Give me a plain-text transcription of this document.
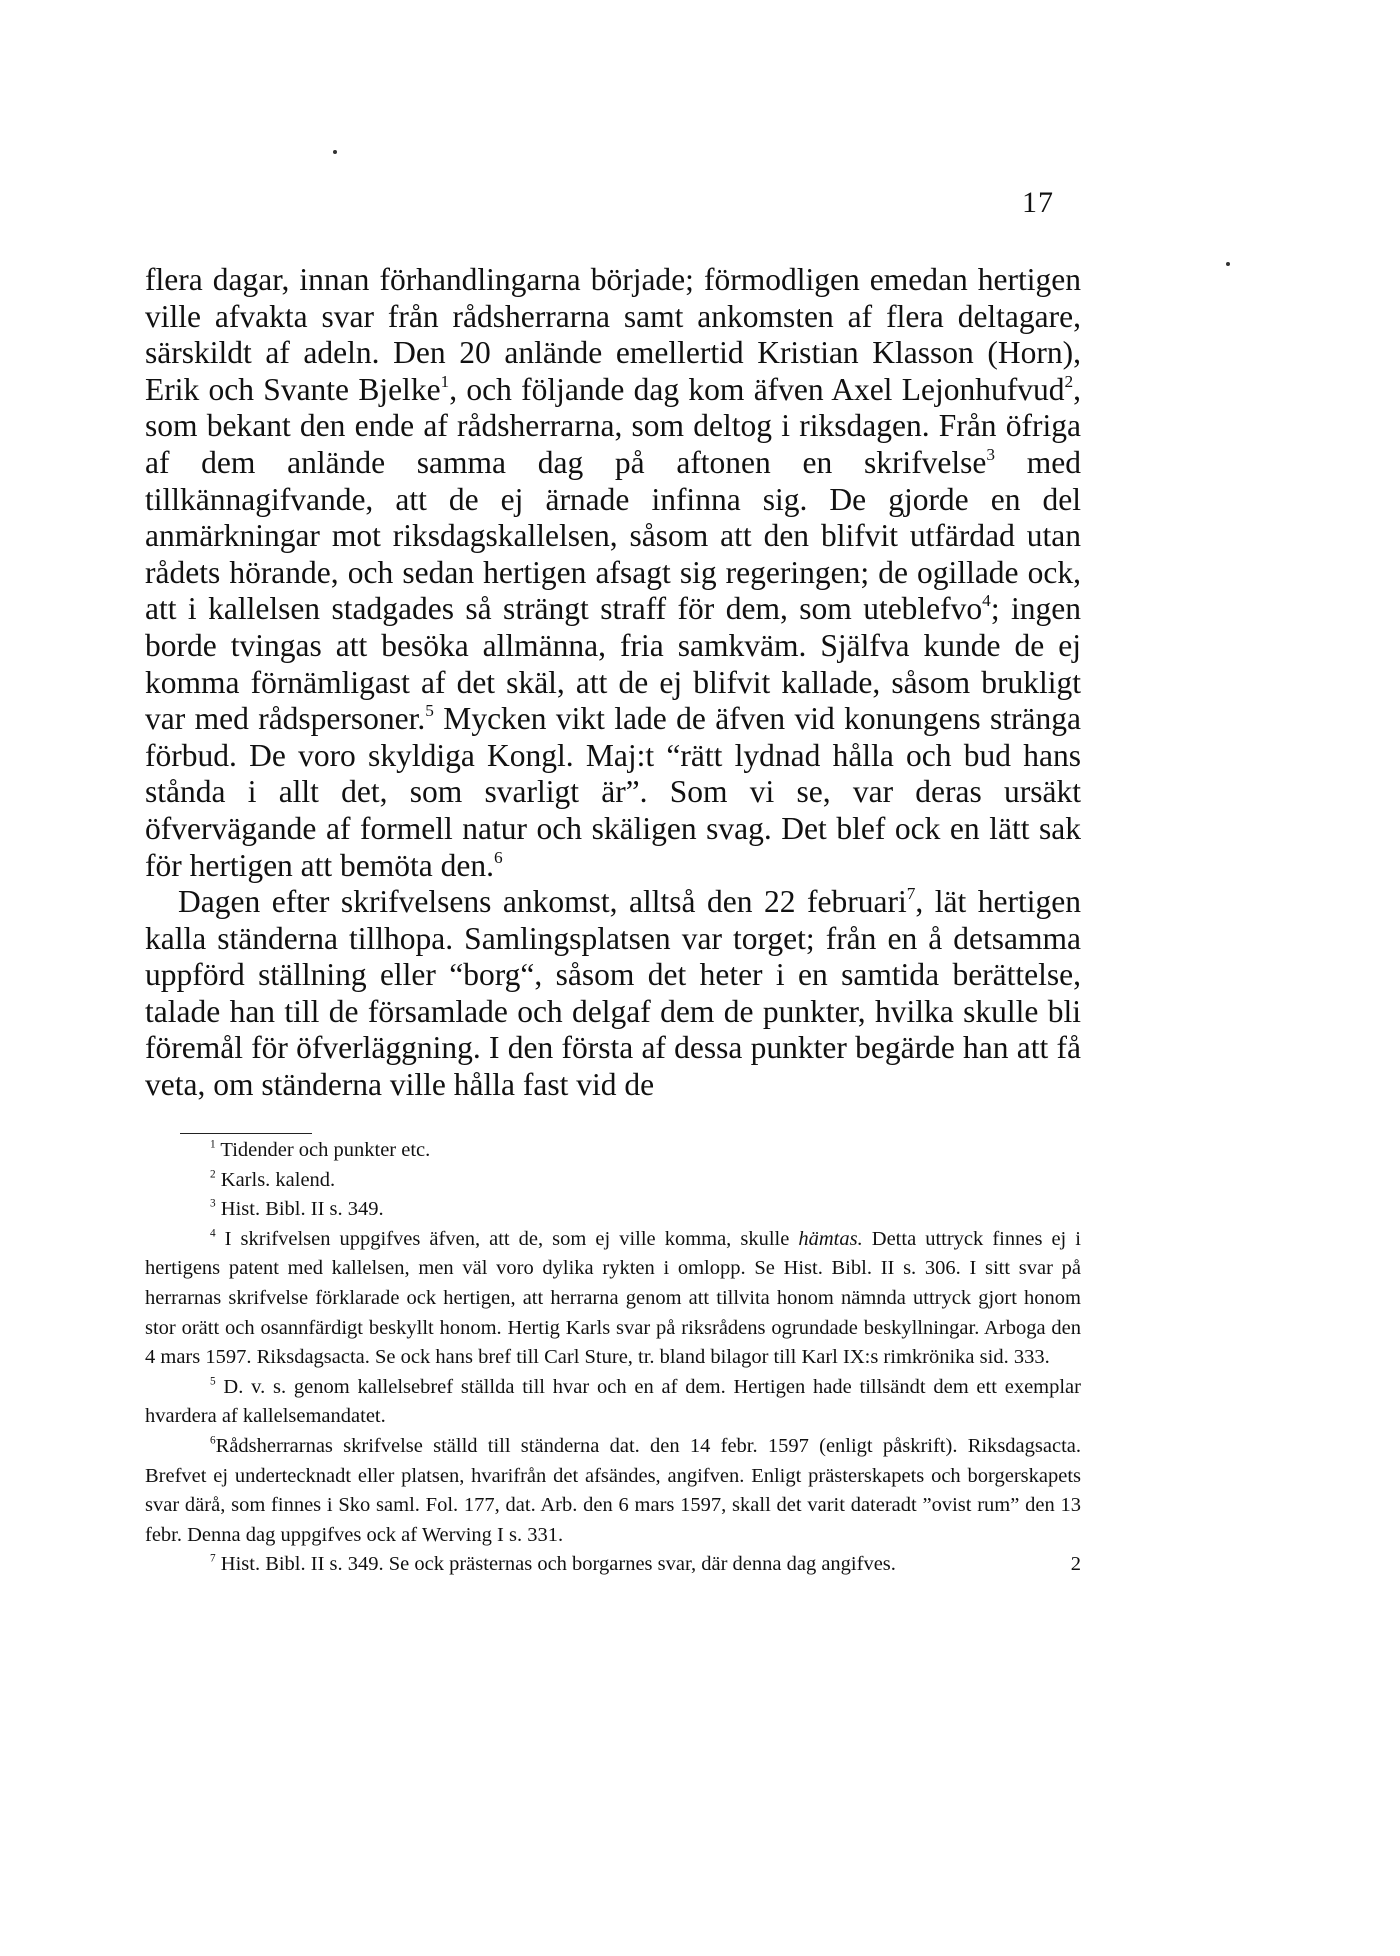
17

flera dagar, innan förhandlingarna började; förmodligen emedan hertigen ville afvakta svar från rådsherrarna samt ankomsten af flera deltagare, särskildt af adeln. Den 20 anlände emellertid Kristian Klasson (Horn), Erik och Svante Bjelke$^1$, och följande dag kom äfven Axel Lejonhufvud$^2$, som bekant den ende af rådsherrarna, som deltog i riksdagen. Från öfriga af dem anlände samma dag på aftonen en skrifvelse$^3$ med tillkännagifvande, att de ej ärnade infinna sig. De gjorde en del anmärkningar mot riksdagskallelsen, såsom att den blifvit utfärdad utan rådets hörande, och sedan hertigen afsagt sig regeringen; de ogillade ock, att i kallelsen stadgades så strängt straff för dem, som uteblefvo$^4$; ingen borde tvingas att besöka allmänna, fria samkväm. Själfva kunde de ej komma förnämligast af det skäl, att de ej blifvit kallade, såsom brukligt var med rådspersoner.$^5$ Mycken vikt lade de äfven vid konungens stränga förbud. De voro skyldiga Kongl. Maj:t “rätt lydnad hålla och bud hans stånda i allt det, som svarligt är”. Som vi se, var deras ursäkt öfvervägande af formell natur och skäligen svag. Det blef ock en lätt sak för hertigen att bemöta den.$^6$

Dagen efter skrifvelsens ankomst, alltså den 22 februari$^7$, lät hertigen kalla ständerna tillhopa. Samlingsplatsen var torget; från en å detsamma uppförd ställning eller “borg“, såsom det heter i en samtida berättelse, talade han till de församlade och delgaf dem de punkter, hvilka skulle bli föremål för öfverläggning. I den första af dessa punkter begärde han att få veta, om ständerna ville hålla fast vid de

$^1$ Tidender och punkter etc.

$^2$ Karls. kalend.

$^3$ Hist. Bibl. II s. 349.

$^4$ I skrifvelsen uppgifves äfven, att de, som ej ville komma, skulle hämtas. Detta uttryck finnes ej i hertigens patent med kallelsen, men väl voro dylika rykten i omlopp. Se Hist. Bibl. II s. 306. I sitt svar på herrarnas skrifvelse förklarade ock hertigen, att herrarna genom att tillvita honom nämnda uttryck gjort honom stor orätt och osannfärdigt beskyllt honom. Hertig Karls svar på riksrådens ogrundade beskyllningar. Arboga den 4 mars 1597. Riksdagsacta. Se ock hans bref till Carl Sture, tr. bland bilagor till Karl IX:s rimkrönika sid. 333.

$^5$ D. v. s. genom kallelsebref ställda till hvar och en af dem. Hertigen hade tillsändt dem ett exemplar hvardera af kallelsemandatet.

$^6$Rådsherrarnas skrifvelse ställd till ständerna dat. den 14 febr. 1597 (enligt påskrift). Riksdagsacta. Brefvet ej undertecknadt eller platsen, hvarifrån det afsändes, angifven. Enligt prästerskapets och borgerskapets svar därå, som finnes i Sko saml. Fol. 177, dat. Arb. den 6 mars 1597, skall det varit dateradt ”ovist rum” den 13 febr. Denna dag uppgifves ock af Werving I s. 331.

$^7$ Hist. Bibl. II s. 349. Se ock prästernas och borgarnes svar, där denna dag angifves.	2
